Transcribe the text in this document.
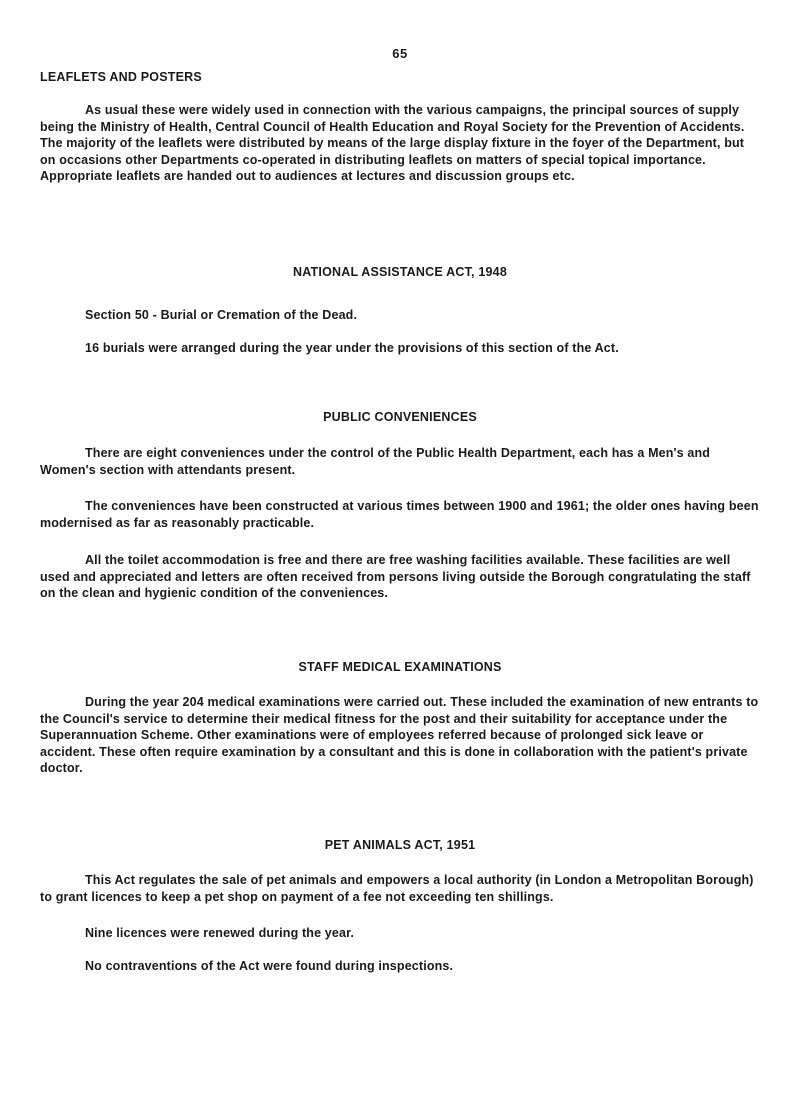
65
LEAFLETS AND POSTERS

As usual these were widely used in connection with the various campaigns, the principal sources of supply being the Ministry of Health, Central Council of Health Education and Royal Society for the Prevention of Accidents. The majority of the leaflets were distributed by means of the large display fixture in the foyer of the Department, but on occasions other Departments co-operated in distributing leaflets on matters of special topical importance. Appropriate leaflets are handed out to audiences at lectures and discussion groups etc.

NATIONAL ASSISTANCE ACT, 1948

Section 50 - Burial or Cremation of the Dead.

16 burials were arranged during the year under the provisions of this section of the Act.

PUBLIC CONVENIENCES

There are eight conveniences under the control of the Public Health Department, each has a Men's and Women's section with attendants present.

The conveniences have been constructed at various times between 1900 and 1961; the older ones having been modernised as far as reasonably practicable.

All the toilet accommodation is free and there are free washing facilities available. These facilities are well used and appreciated and letters are often received from persons living outside the Borough congratulating the staff on the clean and hygienic condition of the conveniences.

STAFF MEDICAL EXAMINATIONS

During the year 204 medical examinations were carried out. These included the examination of new entrants to the Council's service to determine their medical fitness for the post and their suitability for acceptance under the Superannuation Scheme. Other examinations were of employees referred because of prolonged sick leave or accident. These often require examination by a consultant and this is done in collaboration with the patient's private doctor.

PET ANIMALS ACT, 1951

This Act regulates the sale of pet animals and empowers a local authority (in London a Metropolitan Borough) to grant licences to keep a pet shop on payment of a fee not exceeding ten shillings.

Nine licences were renewed during the year.

No contraventions of the Act were found during inspections.
